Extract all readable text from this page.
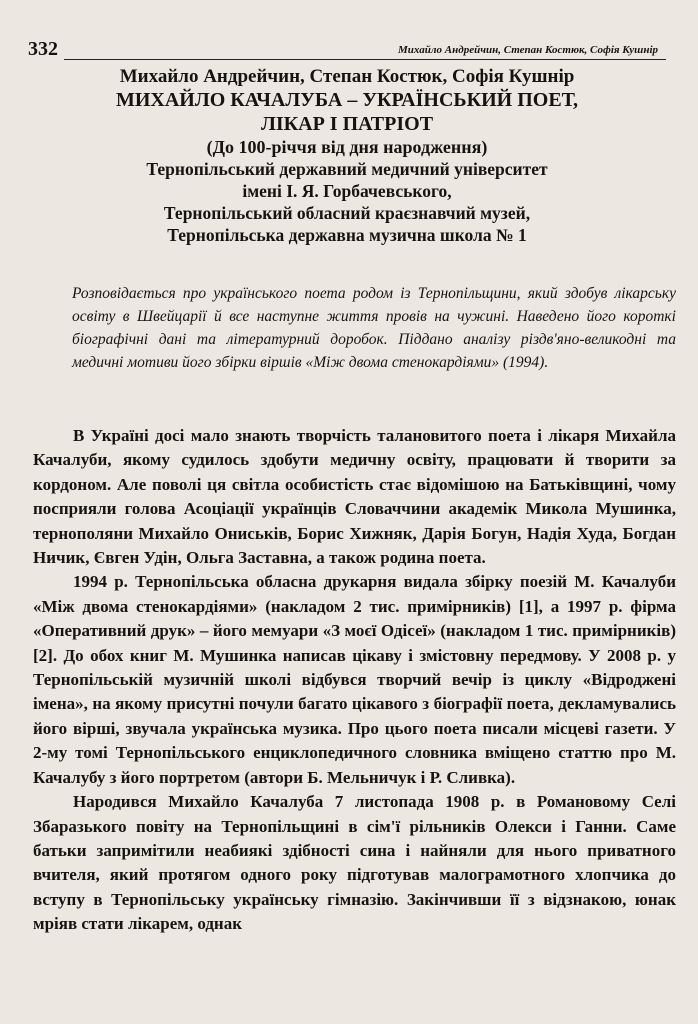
332	Михайло Андрейчин, Степан Костюк, Софія Кушнір
Михайло Андрейчин, Степан Костюк, Софія Кушнір
МИХАЙЛО КАЧАЛУБА – УКРАЇНСЬКИЙ ПОЕТ,
ЛІКАР І ПАТРІОТ
(До 100-річчя від дня народження)
Тернопільський державний медичний університет
імені І. Я. Горбачевського,
Тернопільський обласний краєзнавчий музей,
Тернопільська державна музична школа № 1
Розповідається про українського поета родом із Тернопільщини, який здобув лікарську освіту в Швейцарії й все наступне життя провів на чужині. Наведено його короткі біографічні дані та літературний доробок. Піддано аналізу різдв'яно-великодні та медичні мотиви його збірки віршів «Між двома стенокардіями» (1994).

В Україні досі мало знають творчість талановитого поета і лікаря Михайла Качалуби, якому судилось здобути медичну освіту, працювати й творити за кордоном. Але поволі ця світла особистість стає відомішою на Батьківщині, чому посприяли голова Асоціації українців Словаччини академік Микола Мушинка, тернополяни Михайло Ониськів, Борис Хижняк, Дарія Богун, Надія Худа, Богдан Ничик, Євген Удін, Ольга Заставна, а також родина поета.

1994 р. Тернопільська обласна друкарня видала збірку поезій М. Качалуби «Між двома стенокардіями» (накладом 2 тис. примірників) [1], а 1997 р. фірма «Оперативний друк» – його мемуари «З моєї Одісеї» (накладом 1 тис. примірників) [2]. До обох книг М. Мушинка написав цікаву і змістовну передмову. У 2008 р. у Тернопільській музичній школі відбувся творчий вечір із циклу «Відроджені імена», на якому присутні почули багато цікавого з біографії поета, декламувались його вірші, звучала українська музика. Про цього поета писали місцеві газети. У 2-му томі Тернопільського енциклопедичного словника вміщено статтю про М. Качалубу з його портретом (автори Б. Мельничук і Р. Сливка).

Народився Михайло Качалуба 7 листопада 1908 р. в Романовому Селі Збаразького повіту на Тернопільщині в сім'ї рільників Олекси і Ганни. Саме батьки запримітили неабиякі здібності сина і найняли для нього приватного вчителя, який протягом одного року підготував малограмотного хлопчика до вступу в Тернопільську українську гімназію. Закінчивши її з відзнакою, юнак мріяв стати лікарем, однак
